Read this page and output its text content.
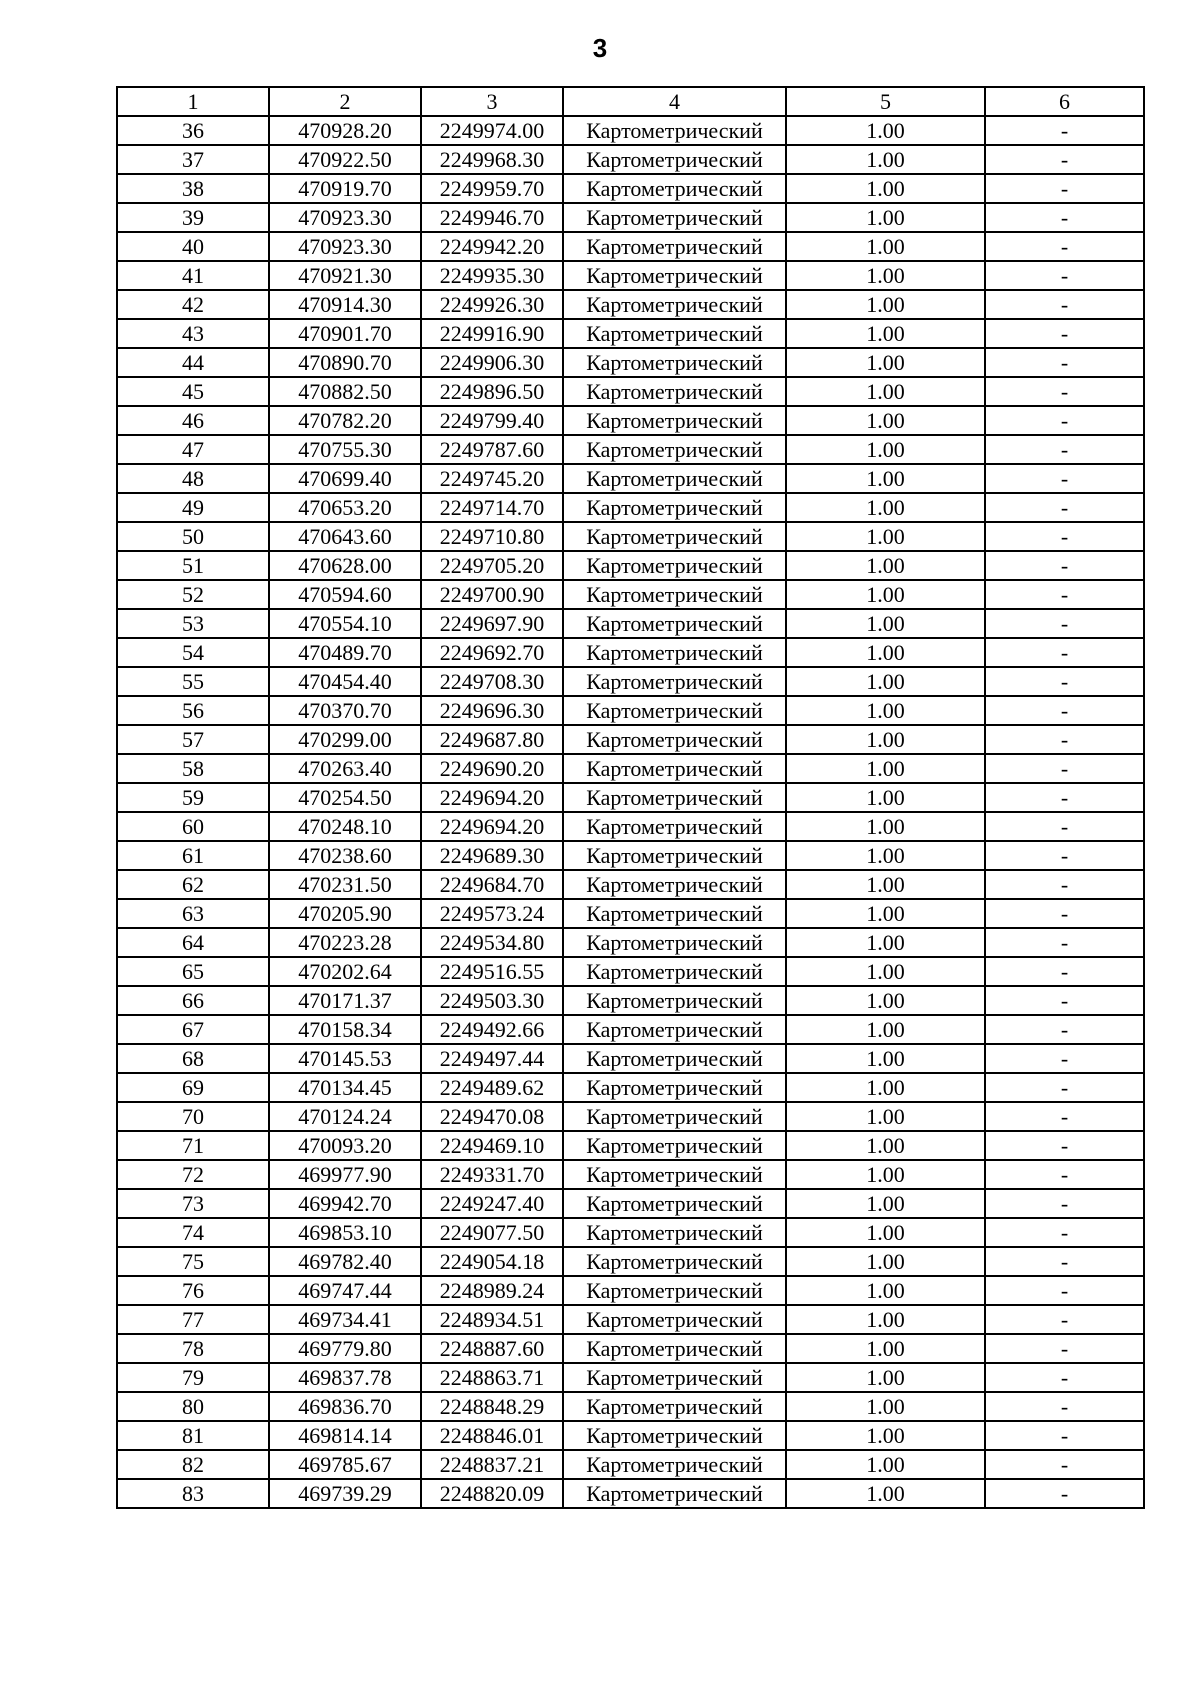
3
1	2	3	4	5	6
36	470928.20	2249974.00	Картометрический	1.00	-
37	470922.50	2249968.30	Картометрический	1.00	-
38	470919.70	2249959.70	Картометрический	1.00	-
39	470923.30	2249946.70	Картометрический	1.00	-
40	470923.30	2249942.20	Картометрический	1.00	-
41	470921.30	2249935.30	Картометрический	1.00	-
42	470914.30	2249926.30	Картометрический	1.00	-
43	470901.70	2249916.90	Картометрический	1.00	-
44	470890.70	2249906.30	Картометрический	1.00	-
45	470882.50	2249896.50	Картометрический	1.00	-
46	470782.20	2249799.40	Картометрический	1.00	-
47	470755.30	2249787.60	Картометрический	1.00	-
48	470699.40	2249745.20	Картометрический	1.00	-
49	470653.20	2249714.70	Картометрический	1.00	-
50	470643.60	2249710.80	Картометрический	1.00	-
51	470628.00	2249705.20	Картометрический	1.00	-
52	470594.60	2249700.90	Картометрический	1.00	-
53	470554.10	2249697.90	Картометрический	1.00	-
54	470489.70	2249692.70	Картометрический	1.00	-
55	470454.40	2249708.30	Картометрический	1.00	-
56	470370.70	2249696.30	Картометрический	1.00	-
57	470299.00	2249687.80	Картометрический	1.00	-
58	470263.40	2249690.20	Картометрический	1.00	-
59	470254.50	2249694.20	Картометрический	1.00	-
60	470248.10	2249694.20	Картометрический	1.00	-
61	470238.60	2249689.30	Картометрический	1.00	-
62	470231.50	2249684.70	Картометрический	1.00	-
63	470205.90	2249573.24	Картометрический	1.00	-
64	470223.28	2249534.80	Картометрический	1.00	-
65	470202.64	2249516.55	Картометрический	1.00	-
66	470171.37	2249503.30	Картометрический	1.00	-
67	470158.34	2249492.66	Картометрический	1.00	-
68	470145.53	2249497.44	Картометрический	1.00	-
69	470134.45	2249489.62	Картометрический	1.00	-
70	470124.24	2249470.08	Картометрический	1.00	-
71	470093.20	2249469.10	Картометрический	1.00	-
72	469977.90	2249331.70	Картометрический	1.00	-
73	469942.70	2249247.40	Картометрический	1.00	-
74	469853.10	2249077.50	Картометрический	1.00	-
75	469782.40	2249054.18	Картометрический	1.00	-
76	469747.44	2248989.24	Картометрический	1.00	-
77	469734.41	2248934.51	Картометрический	1.00	-
78	469779.80	2248887.60	Картометрический	1.00	-
79	469837.78	2248863.71	Картометрический	1.00	-
80	469836.70	2248848.29	Картометрический	1.00	-
81	469814.14	2248846.01	Картометрический	1.00	-
82	469785.67	2248837.21	Картометрический	1.00	-
83	469739.29	2248820.09	Картометрический	1.00	-
